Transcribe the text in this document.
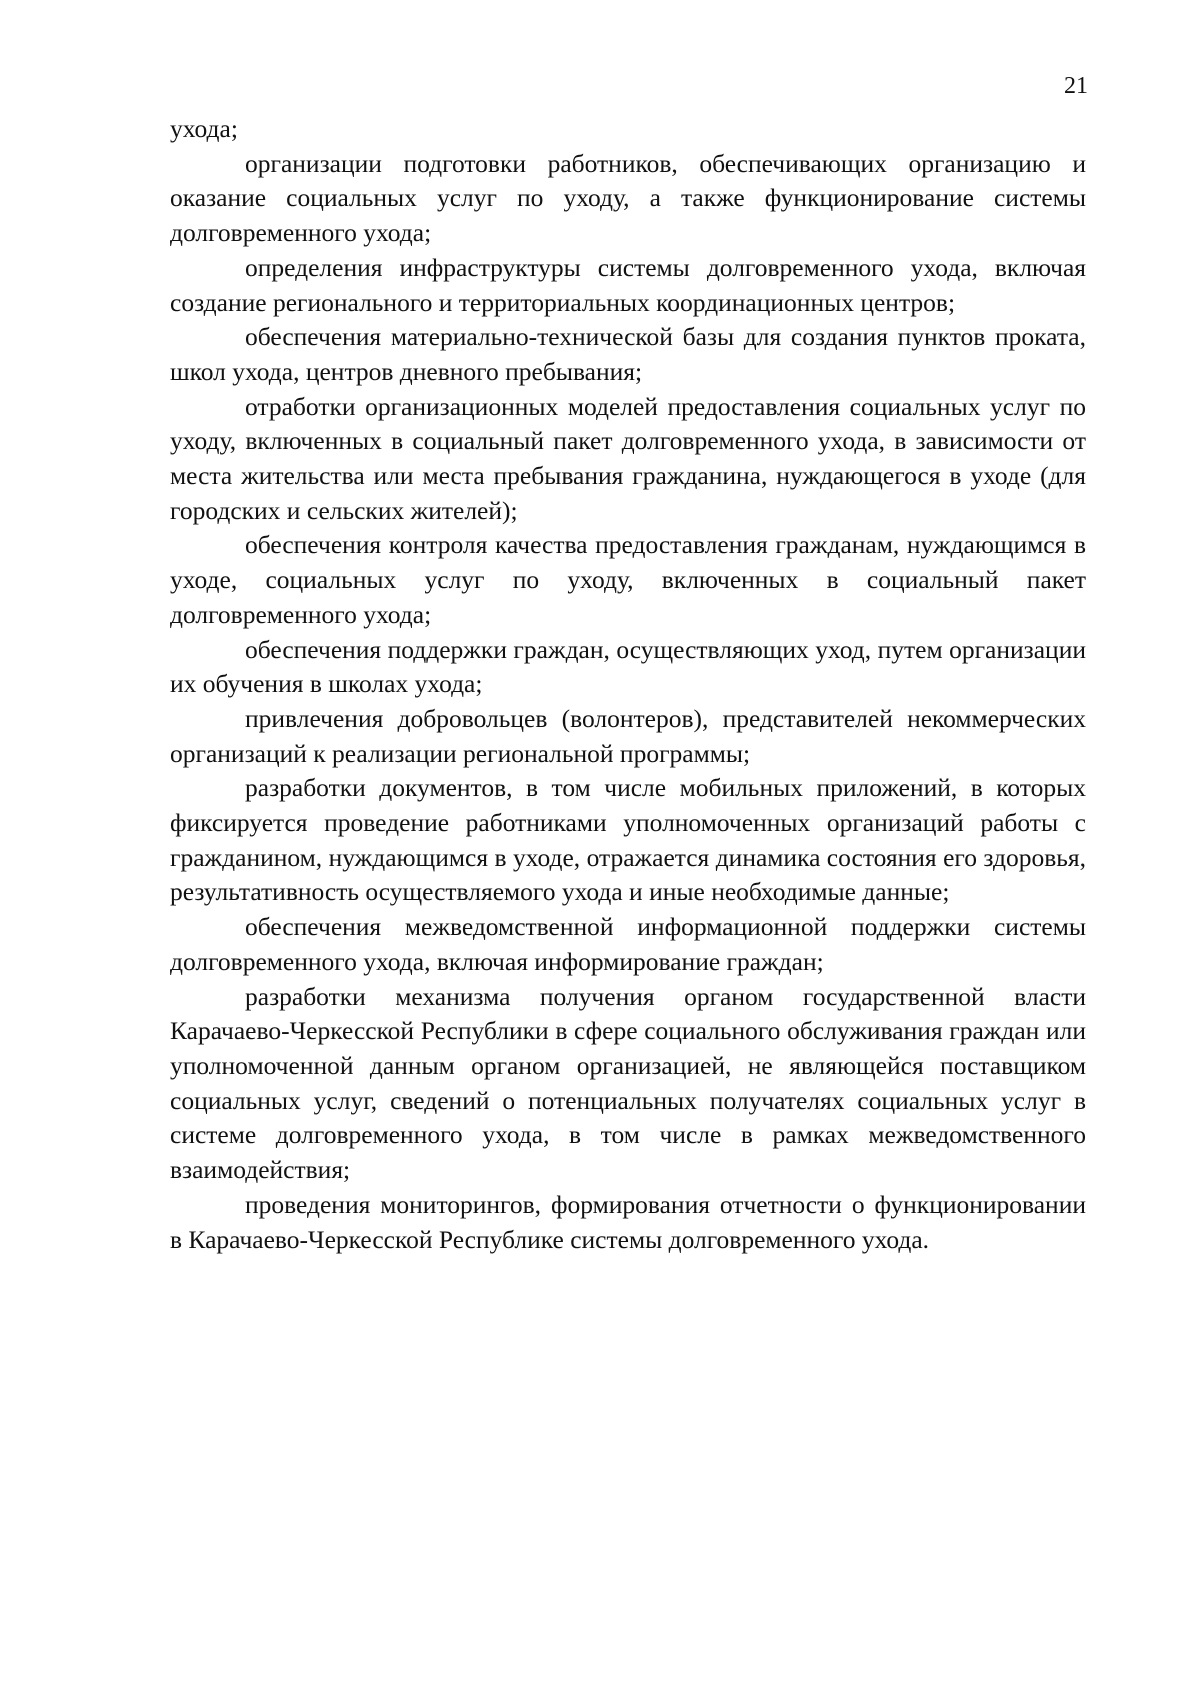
21

ухода;

организации подготовки работников, обеспечивающих организацию и оказание социальных услуг по уходу, а также функционирование системы долговременного ухода;

определения инфраструктуры системы долговременного ухода, включая создание регионального и территориальных координационных центров;

обеспечения материально-технической базы для создания пунктов проката, школ ухода, центров дневного пребывания;

отработки организационных моделей предоставления социальных услуг по уходу, включенных в социальный пакет долговременного ухода, в зависимости от места жительства или места пребывания гражданина, нуждающегося в уходе (для городских и сельских жителей);

обеспечения контроля качества предоставления гражданам, нуждающимся в уходе, социальных услуг по уходу, включенных в социальный пакет долговременного ухода;

обеспечения поддержки граждан, осуществляющих уход, путем организации их обучения в школах ухода;

привлечения добровольцев (волонтеров), представителей некоммерческих организаций к реализации региональной программы;

разработки документов, в том числе мобильных приложений, в которых фиксируется проведение работниками уполномоченных организаций работы с гражданином, нуждающимся в уходе, отражается динамика состояния его здоровья, результативность осуществляемого ухода и иные необходимые данные;

обеспечения межведомственной информационной поддержки системы долговременного ухода, включая информирование граждан;

разработки механизма получения органом государственной власти Карачаево-Черкесской Республики в сфере социального обслуживания граждан или уполномоченной данным органом организацией, не являющейся поставщиком социальных услуг, сведений о потенциальных получателях социальных услуг в системе долговременного ухода, в том числе в рамках межведомственного взаимодействия;

проведения мониторингов, формирования отчетности о функционировании в Карачаево-Черкесской Республике системы долговременного ухода.
